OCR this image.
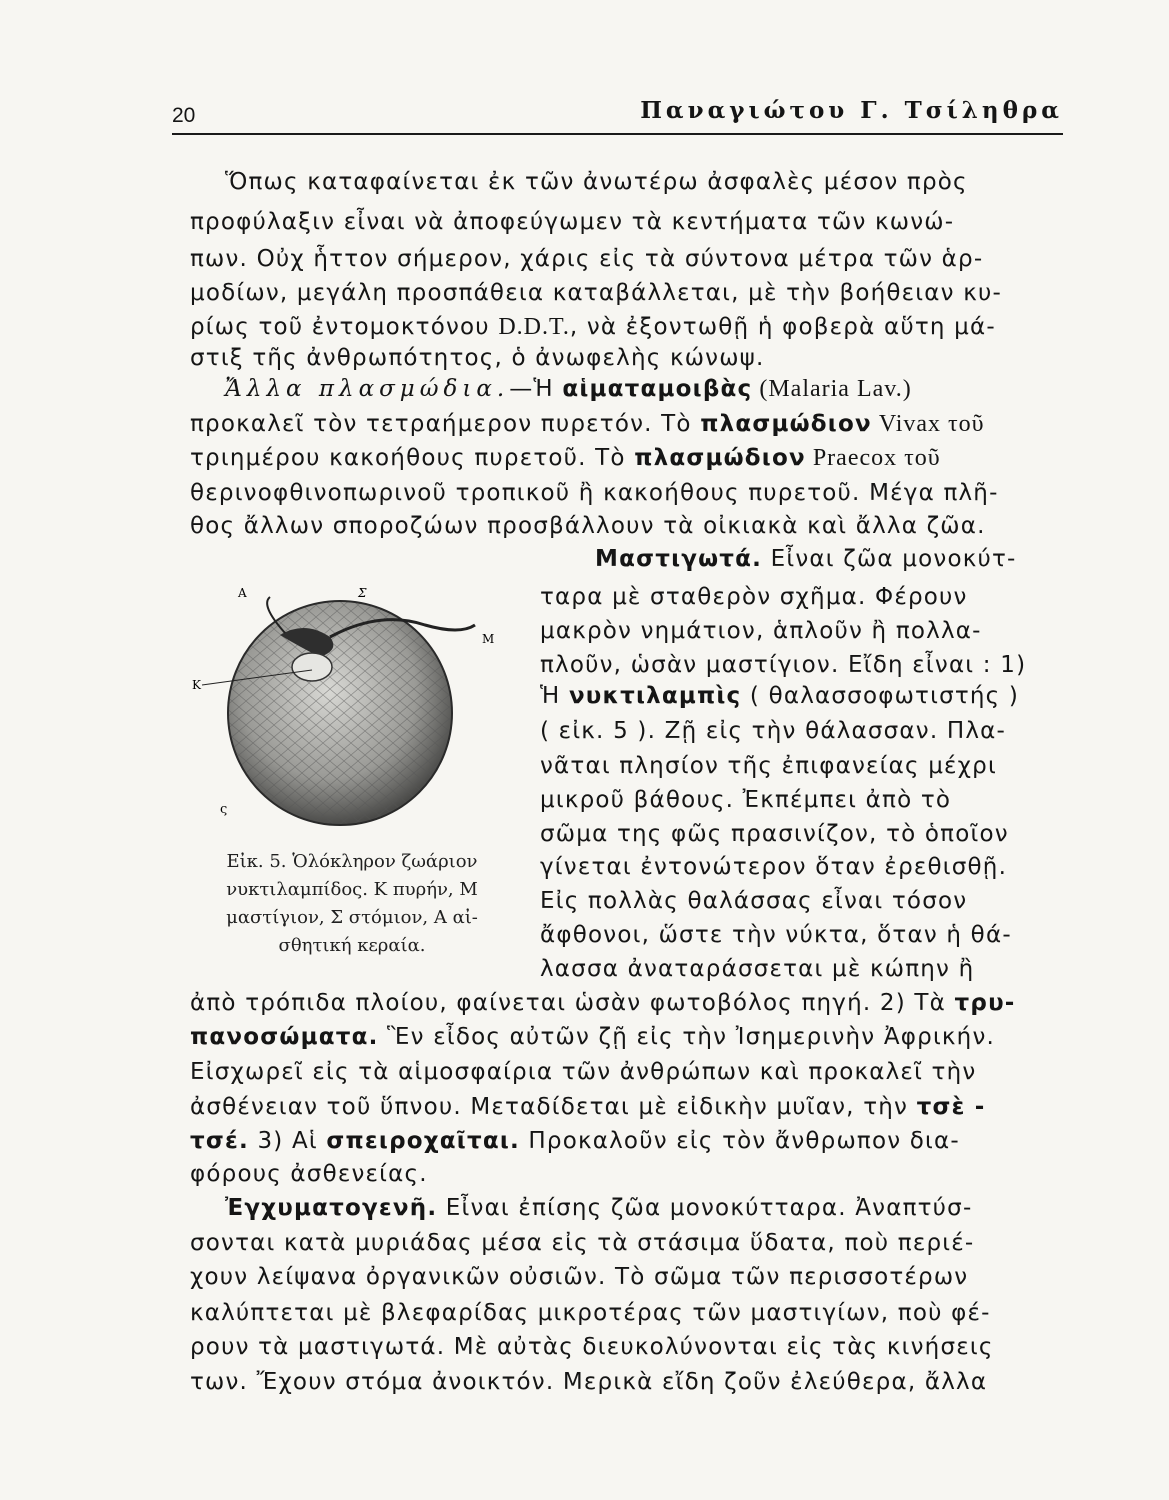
20	Παναγιώτου Γ. Τσίληθρα
Ὅπως καταφαίνεται ἐκ τῶν ἀνωτέρω ἀσφαλὲς μέσον πρὸς
προφύλαξιν εἶναι νὰ ἀποφεύγωμεν τὰ κεντήματα τῶν κωνώ-
πων. Οὐχ ἧττον σήμερον, χάρις εἰς τὰ σύντονα μέτρα τῶν ἁρ-
μοδίων, μεγάλη προσπάθεια καταβάλλεται, μὲ τὴν βοήθειαν κυ-
ρίως τοῦ ἐντομοκτόνου D.D.T., νὰ ἐξοντωθῇ ἡ φοβερὰ αὕτη μά-
στιξ τῆς ἀνθρωπότητος, ὁ ἀνωφελὴς κώνωψ.
Ἄλλα πλασμώδια.—Ἡ αἱματαμοιβὰς (Malaria Lav.)
προκαλεῖ τὸν τετραήμερον πυρετόν. Τὸ πλασμώδιον Vivax τοῦ
τριημέρου κακοήθους πυρετοῦ. Τὸ πλασμώδιον Praecox τοῦ
θερινοφθινοπωρινοῦ τροπικοῦ ἢ κακοήθους πυρετοῦ. Μέγα πλῆ-
θος ἄλλων σποροζώων προσβάλλουν τὰ οἰκιακὰ καὶ ἄλλα ζῶα.
Α	Σ
Μ
Κ
ς
Εἰκ. 5. Ὁλόκληρον ζωάριον
νυκτιλαμπίδος. Κ πυρήν, Μ
μαστίγιον, Σ στόμιον, Α αἰ-
σθητική κεραία.
Μαστιγωτά. Εἶναι ζῶα μονοκύτ-
ταρα μὲ σταθερὸν σχῆμα. Φέρουν
μακρὸν νημάτιον, ἁπλοῦν ἢ πολλα-
πλοῦν, ὡσὰν μαστίγιον. Εἴδη εἶναι : 1)
Ἡ νυκτιλαμπὶς ( θαλασσοφωτιστής )
( εἰκ. 5 ). Ζῇ εἰς τὴν θάλασσαν. Πλα-
νᾶται πλησίον τῆς ἐπιφανείας μέχρι
μικροῦ βάθους. Ἐκπέμπει ἀπὸ τὸ
σῶμα της φῶς πρασινίζον, τὸ ὁποῖον
γίνεται ἐντονώτερον ὅταν ἐρεθισθῇ.
Εἰς πολλὰς θαλάσσας εἶναι τόσον
ἄφθονοι, ὥστε τὴν νύκτα, ὅταν ἡ θά-
λασσα ἀναταράσσεται μὲ κώπην ἢ
ἀπὸ τρόπιδα πλοίου, φαίνεται ὡσὰν φωτοβόλος πηγή. 2) Τὰ τρυ-
πανοσώματα. Ἓν εἶδος αὐτῶν ζῇ εἰς τὴν Ἰσημερινὴν Ἀφρικήν.
Εἰσχωρεῖ εἰς τὰ αἱμοσφαίρια τῶν ἀνθρώπων καὶ προκαλεῖ τὴν
ἀσθένειαν τοῦ ὕπνου. Μεταδίδεται μὲ εἰδικὴν μυῖαν, τὴν τσὲ -
τσέ. 3) Αἱ σπειροχαῖται. Προκαλοῦν εἰς τὸν ἄνθρωπον δια-
φόρους ἀσθενείας.
Ἐγχυματογενῆ. Εἶναι ἐπίσης ζῶα μονοκύτταρα. Ἀναπτύσ-
σονται κατὰ μυριάδας μέσα εἰς τὰ στάσιμα ὕδατα, ποὺ περιέ-
χουν λείψανα ὀργανικῶν οὐσιῶν. Τὸ σῶμα τῶν περισσοτέρων
καλύπτεται μὲ βλεφαρίδας μικροτέρας τῶν μαστιγίων, ποὺ φέ-
ρουν τὰ μαστιγωτά. Μὲ αὐτὰς διευκολύνονται εἰς τὰς κινήσεις
των. Ἔχουν στόμα ἀνοικτόν. Μερικὰ εἴδη ζοῦν ἐλεύθερα, ἄλλα
